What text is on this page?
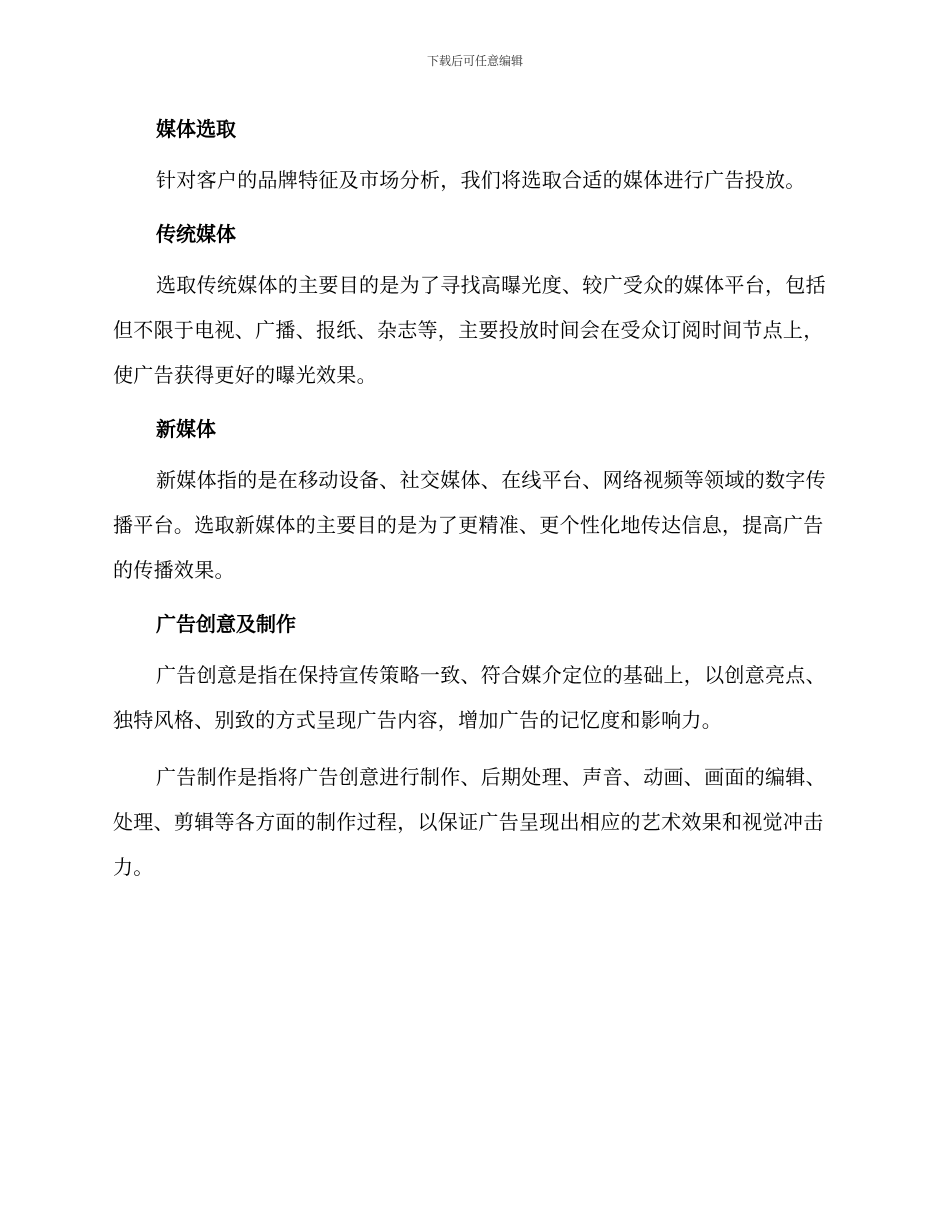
下载后可任意编辑
媒体选取

针对客户的品牌特征及市场分析，我们将选取合适的媒体进行广告投放。

传统媒体

选取传统媒体的主要目的是为了寻找高曝光度、较广受众的媒体平台，包括但不限于电视、广播、报纸、杂志等，主要投放时间会在受众订阅时间节点上，使广告获得更好的曝光效果。

新媒体

新媒体指的是在移动设备、社交媒体、在线平台、网络视频等领域的数字传播平台。选取新媒体的主要目的是为了更精准、更个性化地传达信息，提高广告的传播效果。

广告创意及制作

广告创意是指在保持宣传策略一致、符合媒介定位的基础上，以创意亮点、独特风格、别致的方式呈现广告内容，增加广告的记忆度和影响力。

广告制作是指将广告创意进行制作、后期处理、声音、动画、画面的编辑、处理、剪辑等各方面的制作过程，以保证广告呈现出相应的艺术效果和视觉冲击力。
